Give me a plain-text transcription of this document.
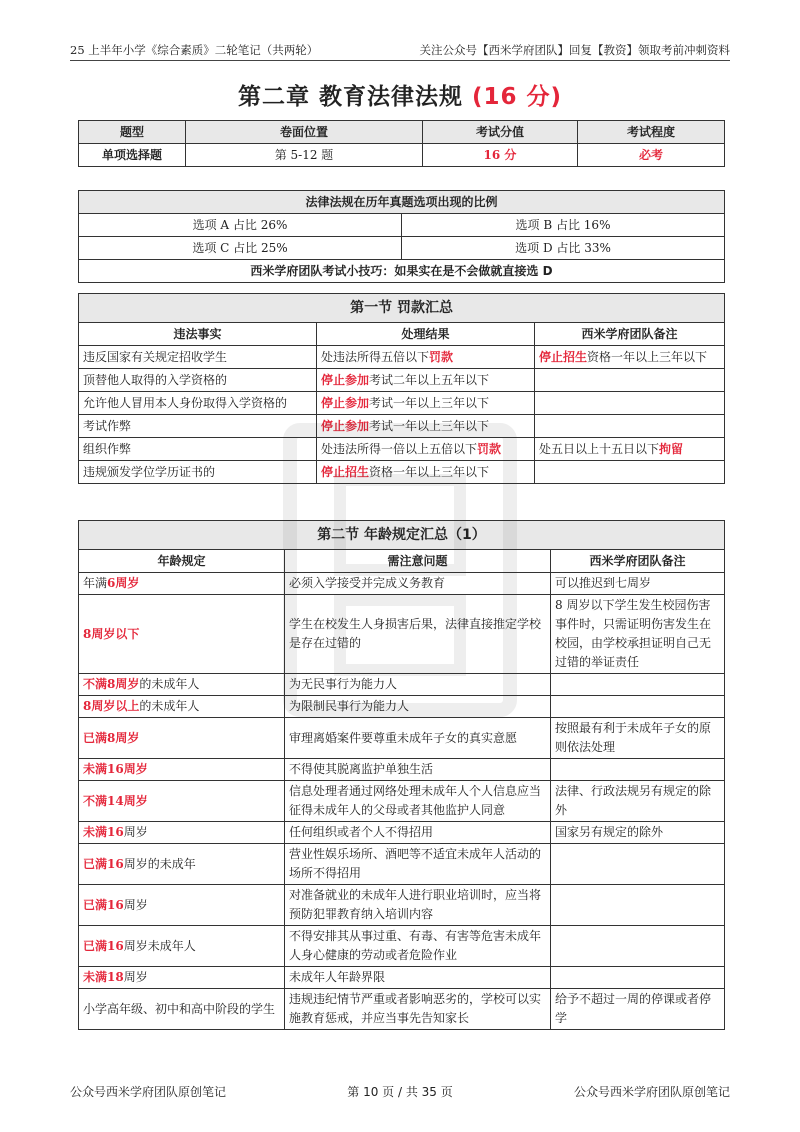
25 上半年小学《综合素质》二轮笔记（共两轮）	关注公众号【西米学府团队】回复【教资】领取考前冲刺资料
第二章 教育法律法规 (16 分)
题型	卷面位置	考试分值	考试程度
单项选择题	第 5-12 题	16 分	必考
法律法规在历年真题选项出现的比例	
选项 A 占比 26%	选项 B 占比 16%
选项 C 占比 25%	选项 D 占比 33%
西米学府团队考试小技巧：如果实在是不会做就直接选 D	
第一节 罚款汇总		
违法事实	处理结果	西米学府团队备注
违反国家有关规定招收学生	处违法所得五倍以下罚款	停止招生资格一年以上三年以下
顶替他人取得的入学资格的	停止参加考试二年以上五年以下	
允许他人冒用本人身份取得入学资格的	停止参加考试一年以上三年以下	
考试作弊	停止参加考试一年以上三年以下	
组织作弊	处违法所得一倍以上五倍以下罚款	处五日以上十五日以下拘留
违规颁发学位学历证书的	停止招生资格一年以上三年以下	
第二节 年龄规定汇总（1）		
年龄规定	需注意问题	西米学府团队备注
年满6周岁	必须入学接受并完成义务教育	可以推迟到七周岁
8周岁以下	学生在校发生人身损害后果，法律直接推定学校是存在过错的	8 周岁以下学生发生校园伤害事件时，只需证明伤害发生在校园，由学校承担证明自己无过错的举证责任
不满8周岁的未成年人	为无民事行为能力人	
8周岁以上的未成年人	为限制民事行为能力人	
已满8周岁	审理离婚案件要尊重未成年子女的真实意愿	按照最有利于未成年子女的原则依法处理
未满16周岁	不得使其脱离监护单独生活	
不满14周岁	信息处理者通过网络处理未成年人个人信息应当征得未成年人的父母或者其他监护人同意	法律、行政法规另有规定的除外
未满16周岁	任何组织或者个人不得招用	国家另有规定的除外
已满16周岁的未成年	营业性娱乐场所、酒吧等不适宜未成年人活动的场所不得招用	
已满16周岁	对准备就业的未成年人进行职业培训时，应当将预防犯罪教育纳入培训内容	
已满16周岁未成年人	不得安排其从事过重、有毒、有害等危害未成年人身心健康的劳动或者危险作业	
未满18周岁	未成年人年龄界限	
小学高年级、初中和高中阶段的学生	违规违纪情节严重或者影响恶劣的，学校可以实施教育惩戒，并应当事先告知家长	给予不超过一周的停课或者停学
公众号西米学府团队原创笔记	第 10 页 / 共 35 页	公众号西米学府团队原创笔记
